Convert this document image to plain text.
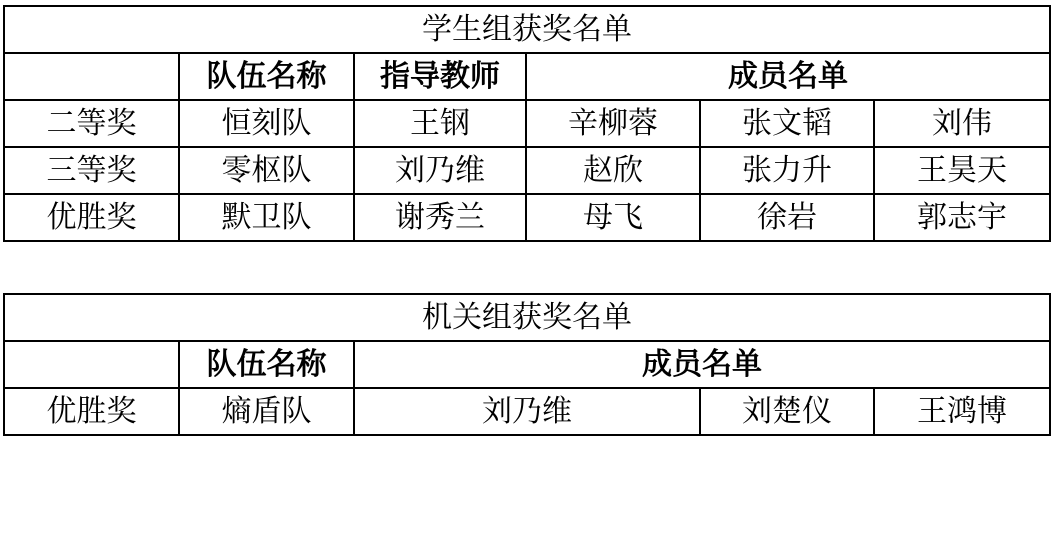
学生组获奖名单					
	队伍名称	指导教师	成员名单		
二等奖	恒刻队	王钢	辛柳蓉	张文韬	刘伟
三等奖	零枢队	刘乃维	赵欣	张力升	王昊天
优胜奖	默卫队	谢秀兰	母飞	徐岩	郭志宇
机关组获奖名单				
	队伍名称	成员名单		
优胜奖	熵盾队	刘乃维	刘楚仪	王鸿博
